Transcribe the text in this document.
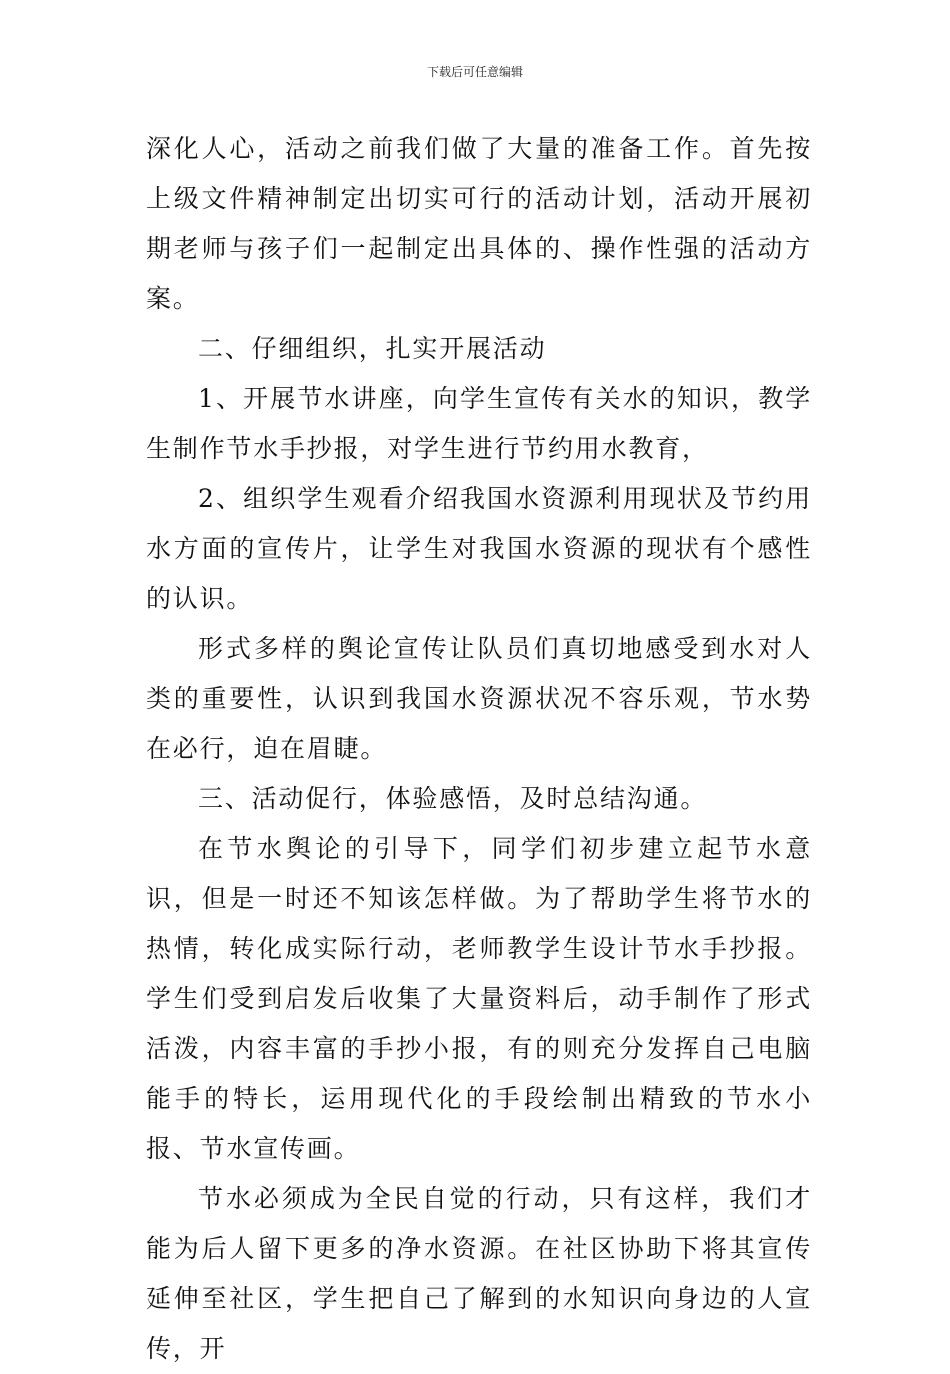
下载后可任意编辑

深化人心，活动之前我们做了大量的准备工作。首先按上级文件精神制定出切实可行的活动计划，活动开展初期老师与孩子们一起制定出具体的、操作性强的活动方案。

二、仔细组织，扎实开展活动

1、开展节水讲座，向学生宣传有关水的知识，教学生制作节水手抄报，对学生进行节约用水教育，

2、组织学生观看介绍我国水资源利用现状及节约用水方面的宣传片，让学生对我国水资源的现状有个感性的认识。

形式多样的舆论宣传让队员们真切地感受到水对人类的重要性，认识到我国水资源状况不容乐观，节水势在必行，迫在眉睫。

三、活动促行，体验感悟，及时总结沟通。

在节水舆论的引导下，同学们初步建立起节水意识，但是一时还不知该怎样做。为了帮助学生将节水的热情，转化成实际行动，老师教学生设计节水手抄报。学生们受到启发后收集了大量资料后，动手制作了形式活泼，内容丰富的手抄小报，有的则充分发挥自己电脑能手的特长，运用现代化的手段绘制出精致的节水小报、节水宣传画。

节水必须成为全民自觉的行动，只有这样，我们才能为后人留下更多的净水资源。在社区协助下将其宣传延伸至社区，学生把自己了解到的水知识向身边的人宣传，开
